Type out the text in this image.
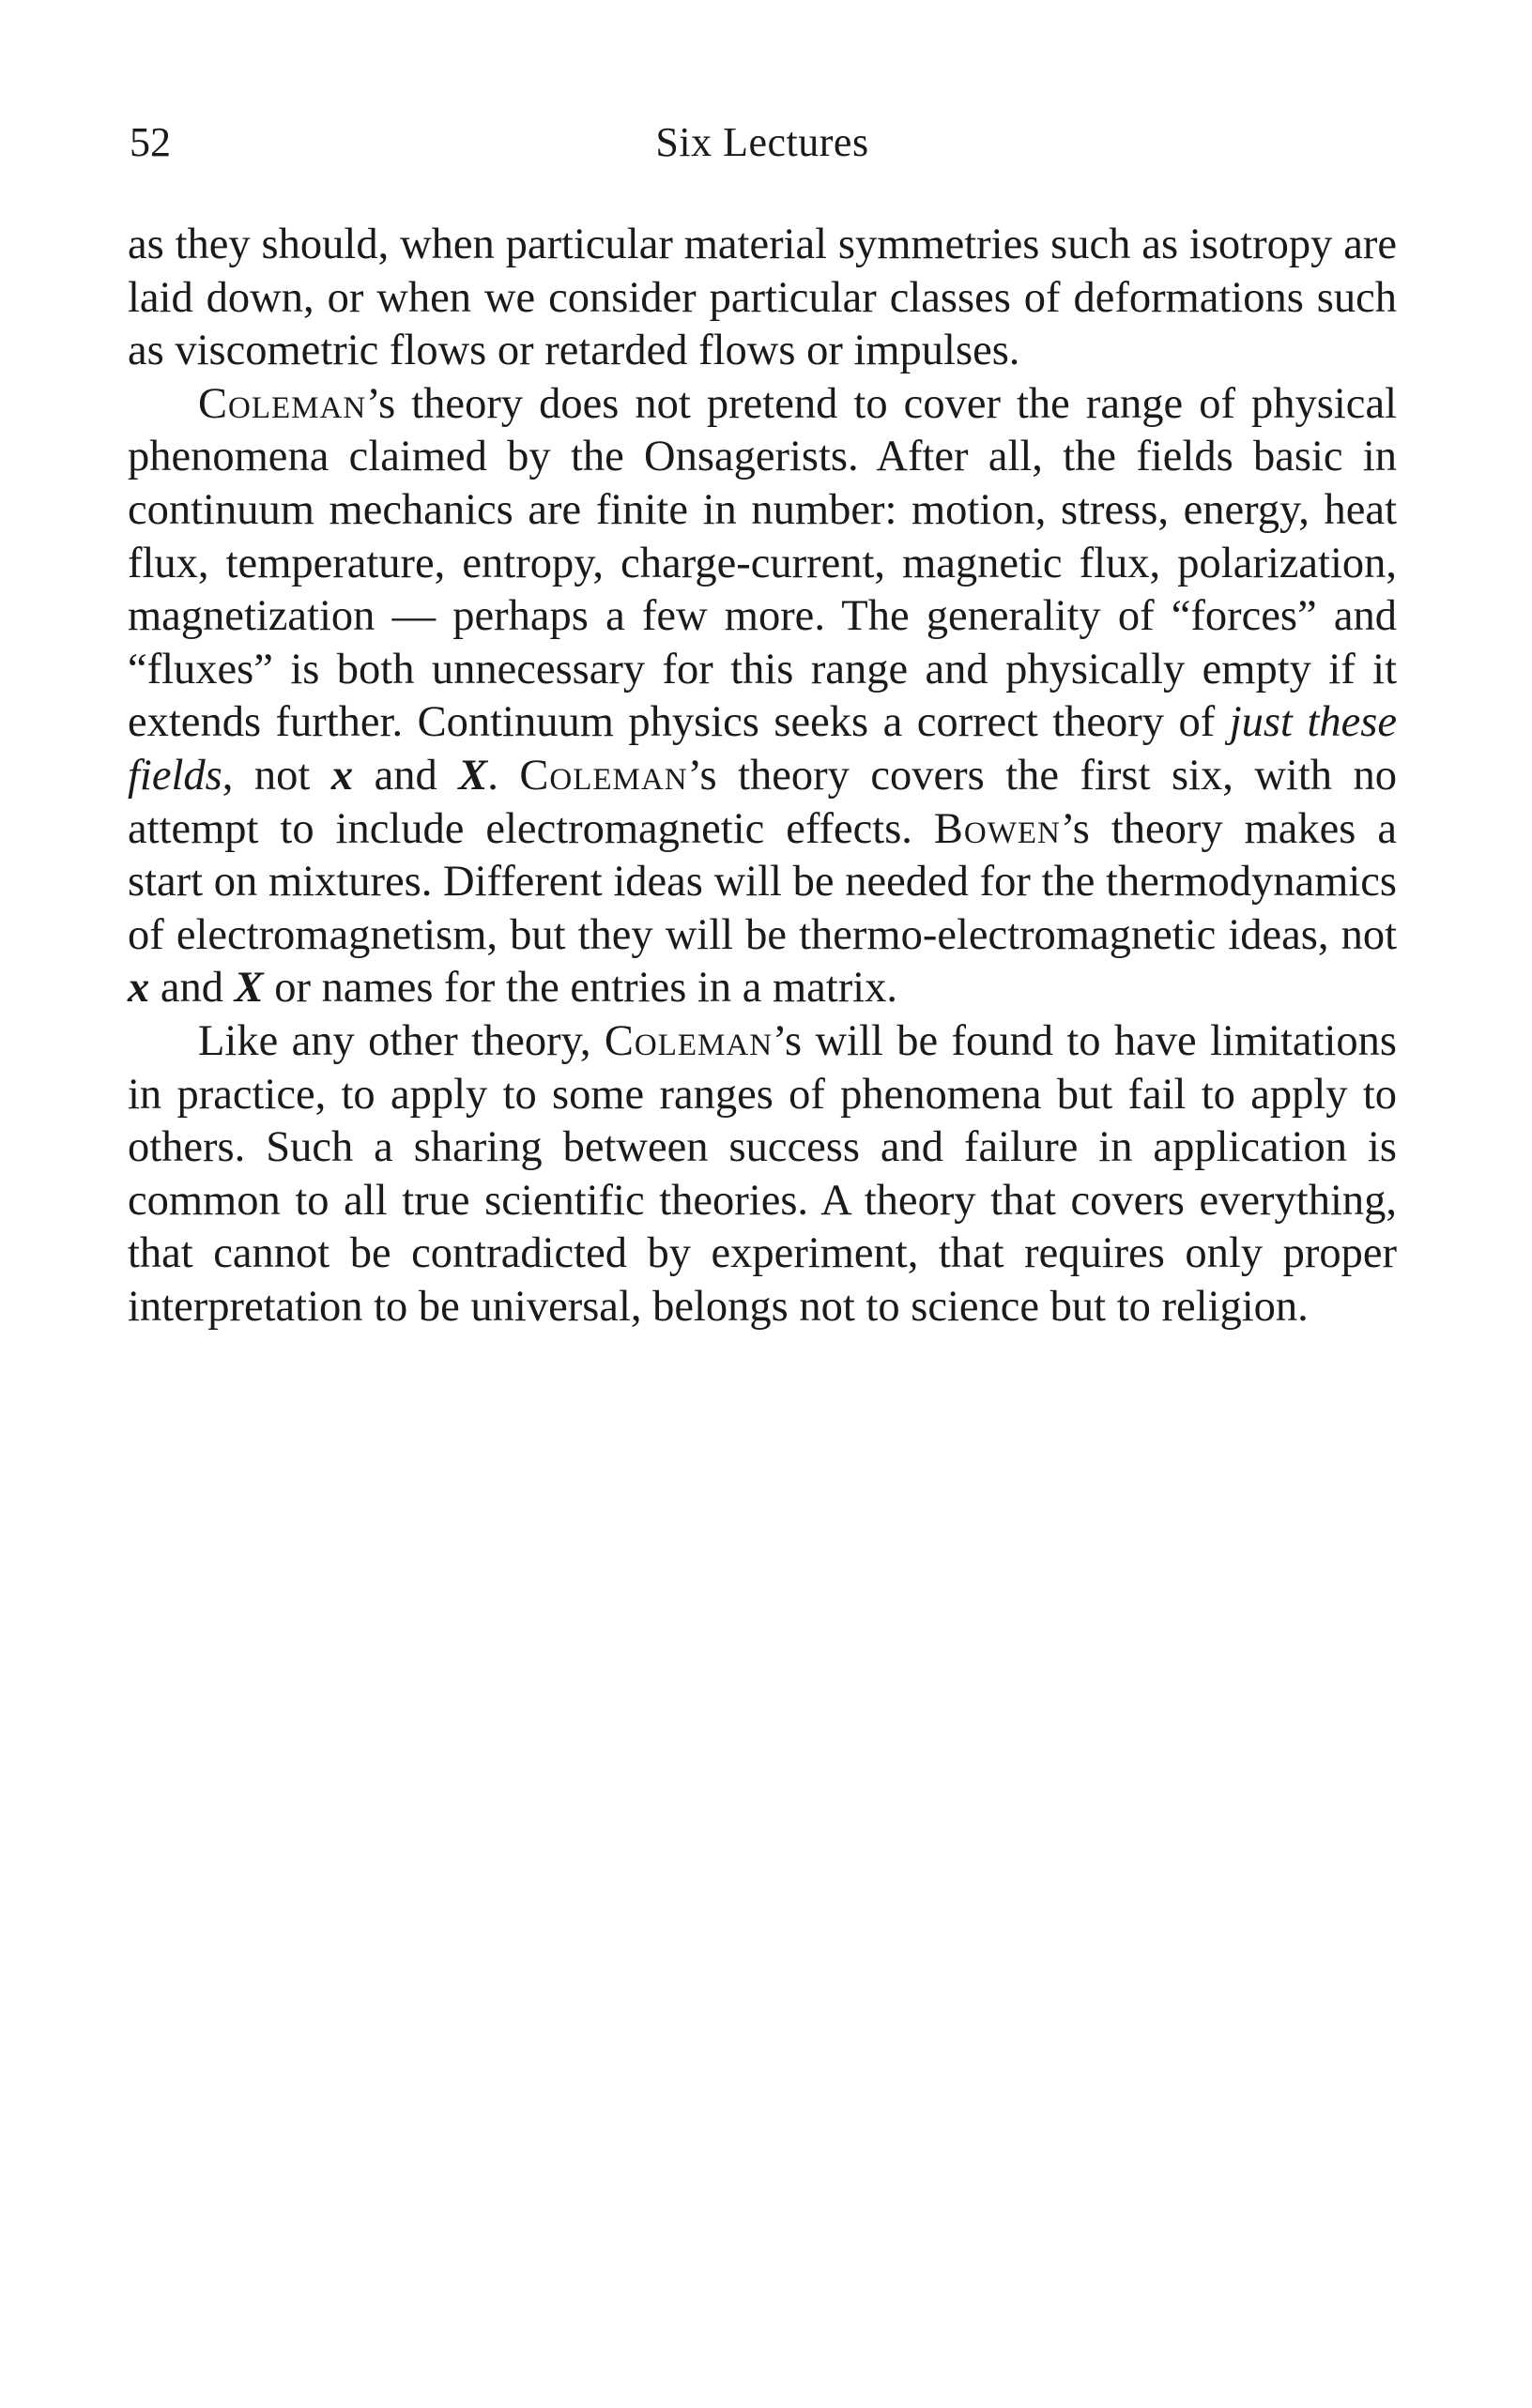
52	Six Lectures

as they should, when particular material symmetries such as isotropy are laid down, or when we consider particular classes of deformations such as viscometric flows or retarded flows or impulses.

Coleman’s theory does not pretend to cover the range of physical phenomena claimed by the Onsagerists. After all, the fields basic in continuum mechanics are finite in number: motion, stress, energy, heat flux, temperature, entropy, charge-current, magnetic flux, polarization, magnetization — perhaps a few more. The generality of “forces” and “fluxes” is both unnecessary for this range and physically empty if it extends further. Continuum physics seeks a correct theory of just these fields, not x and X. Coleman’s theory covers the first six, with no attempt to include electromagnetic effects. Bowen’s theory makes a start on mixtures. Different ideas will be needed for the thermodynamics of electromagnetism, but they will be thermo-electromagnetic ideas, not x and X or names for the entries in a matrix.

Like any other theory, Coleman’s will be found to have limitations in practice, to apply to some ranges of phenomena but fail to apply to others. Such a sharing between success and failure in application is common to all true scientific theories. A theory that covers everything, that cannot be contradicted by experiment, that requires only proper interpretation to be universal, belongs not to science but to religion.
